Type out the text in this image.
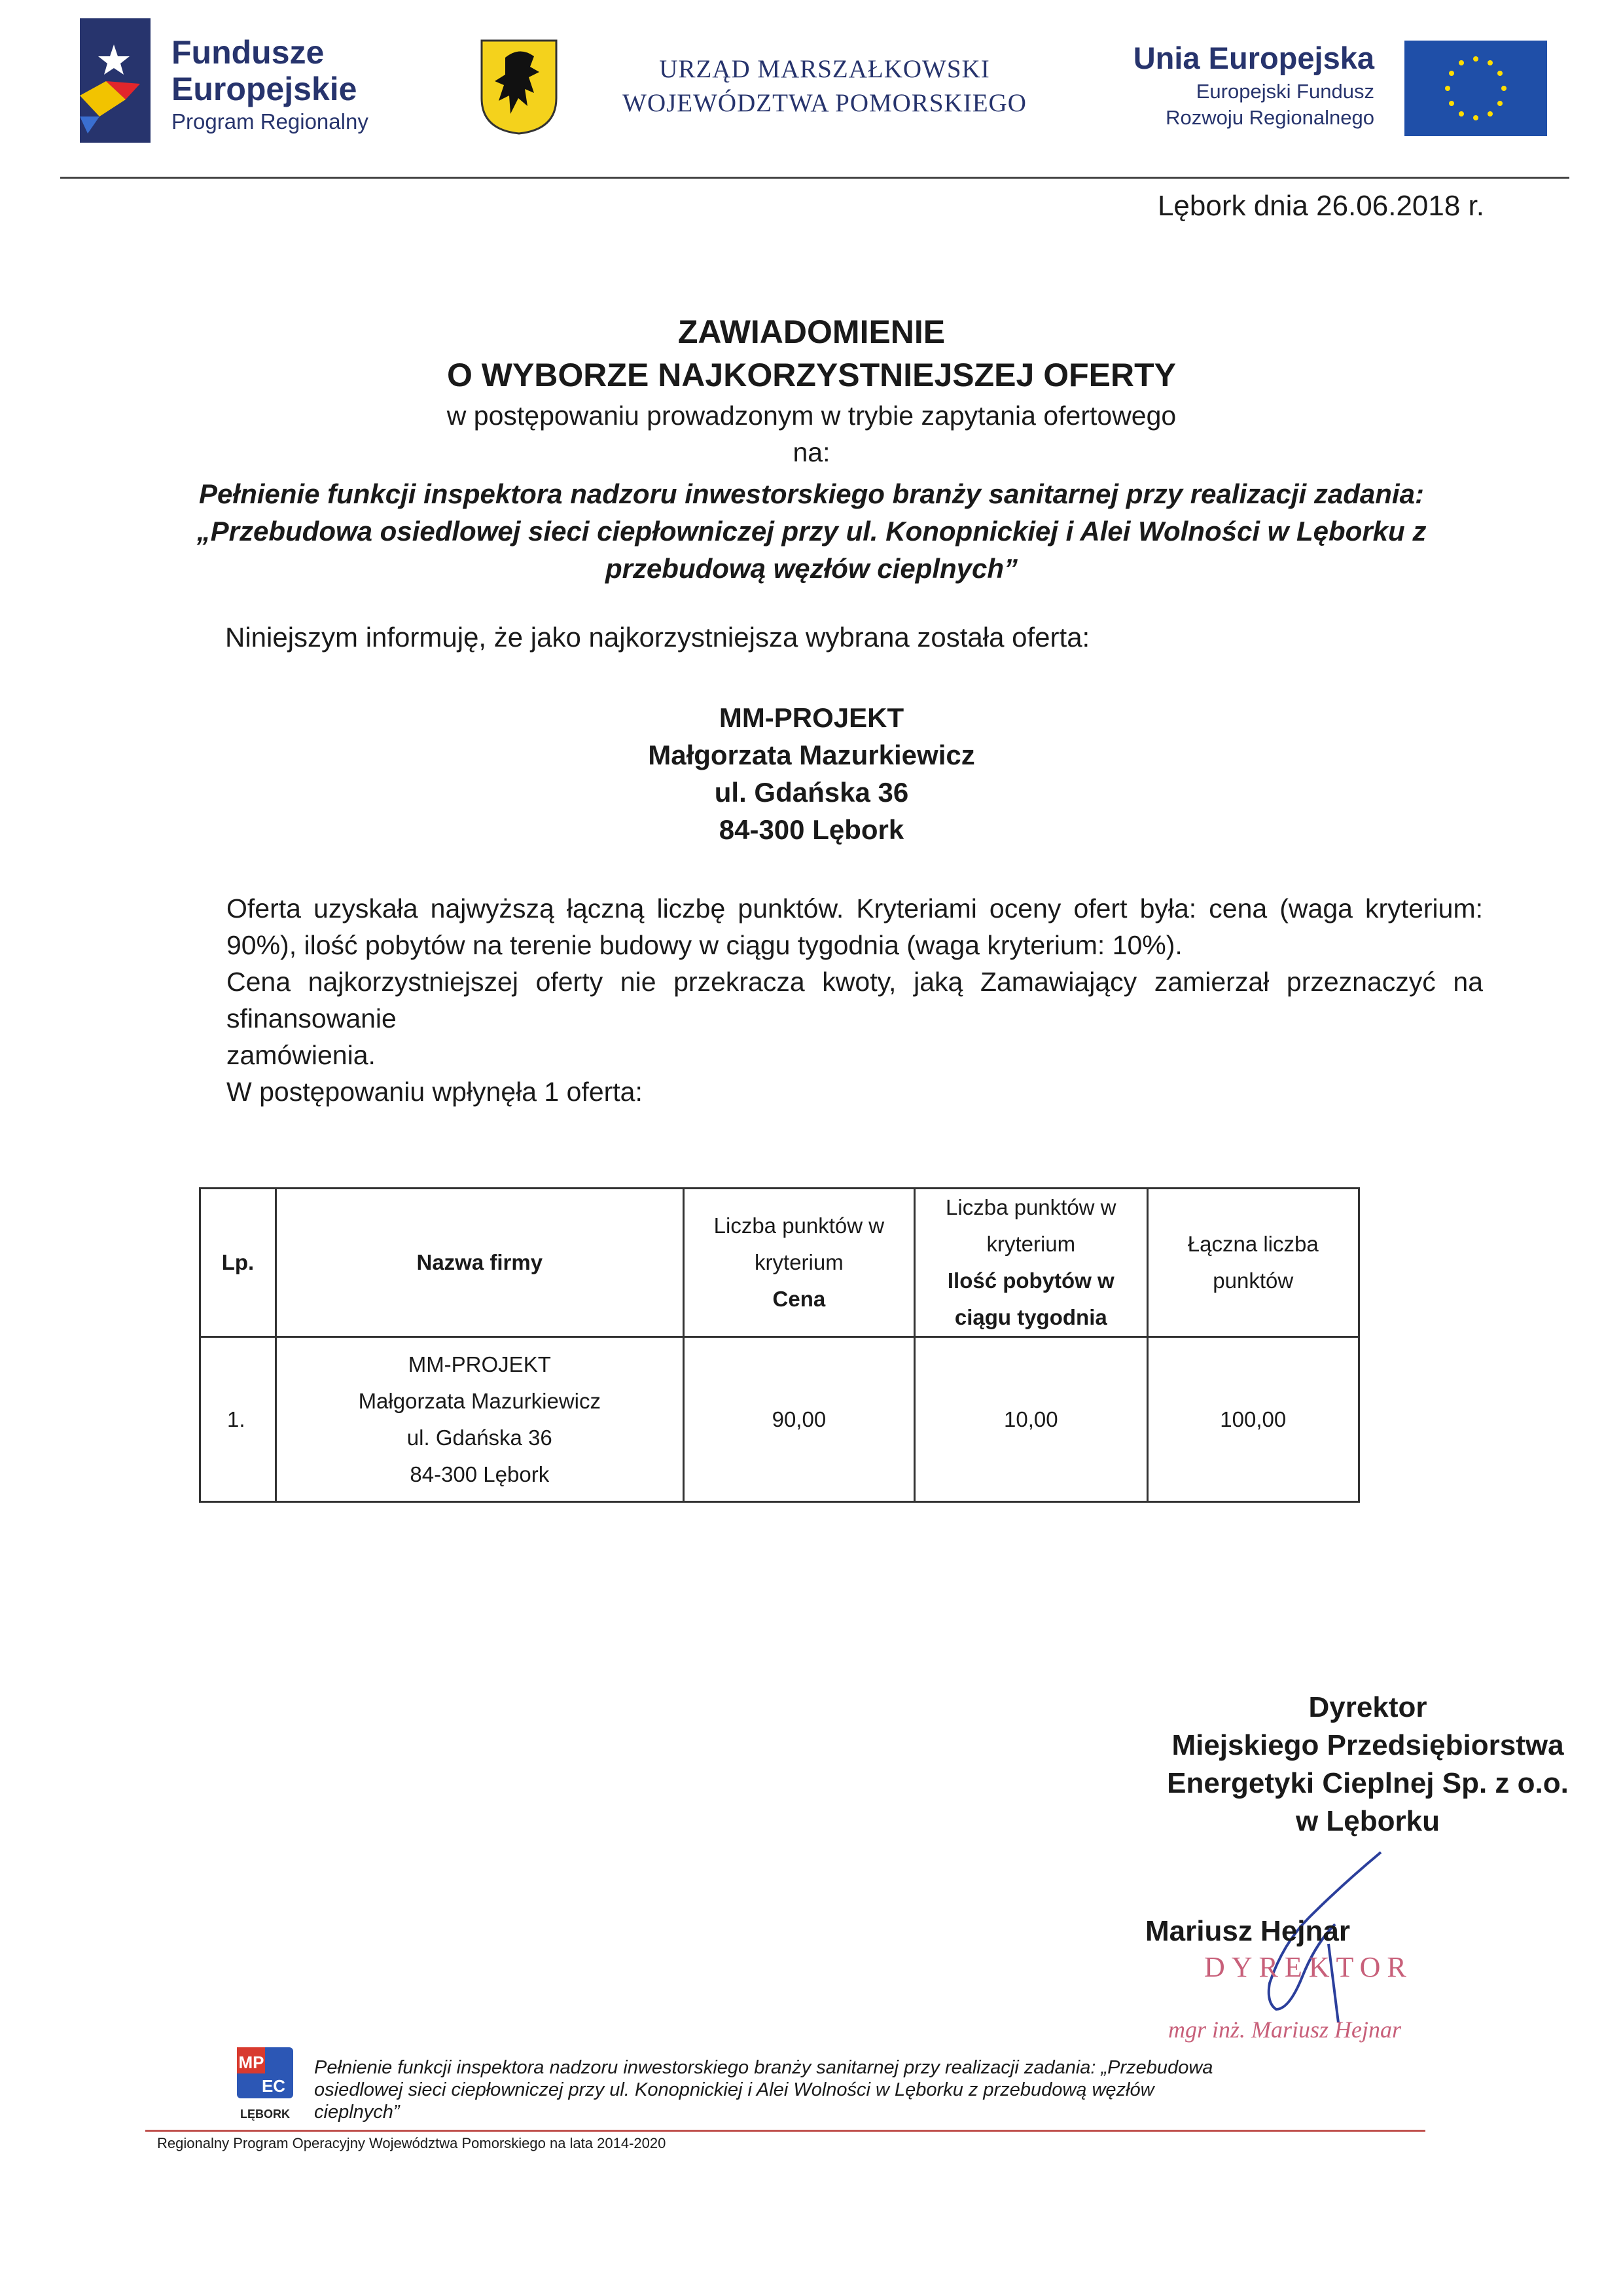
Fundusze
Europejskie
Program Regionalny
URZĄD MARSZAŁKOWSKI
WOJEWÓDZTWA POMORSKIEGO
Unia Europejska
Europejski Fundusz
Rozwoju Regionalnego
Lębork dnia 26.06.2018 r.
ZAWIADOMIENIE
O WYBORZE NAJKORZYSTNIEJSZEJ OFERTY
w postępowaniu prowadzonym w trybie zapytania ofertowego
na:
Pełnienie funkcji inspektora nadzoru inwestorskiego branży sanitarnej przy realizacji zadania:
„Przebudowa osiedlowej sieci ciepłowniczej przy ul. Konopnickiej i Alei Wolności w Lęborku z
przebudową węzłów cieplnych”
Niniejszym informuję, że jako najkorzystniejsza wybrana została oferta:
MM-PROJEKT
Małgorzata Mazurkiewicz
ul. Gdańska 36
84-300 Lębork
Oferta uzyskała najwyższą łączną liczbę punktów. Kryteriami oceny ofert była: cena (waga kryterium:
90%), ilość pobytów na terenie budowy w ciągu tygodnia (waga kryterium: 10%).
Cena najkorzystniejszej oferty nie przekracza kwoty, jaką Zamawiający zamierzał przeznaczyć na sfinansowanie
zamówienia.
W postępowaniu wpłynęła 1 oferta:
Lp.	Nazwa firmy	Liczba punktów w
kryterium
Cena	Liczba punktów w
kryterium
Ilość pobytów w
ciągu tygodnia	Łączna liczba
punktów

1.	MM-PROJEKT
Małgorzata Mazurkiewicz
ul. Gdańska 36
84-300 Lębork	90,00	10,00	100,00
Dyrektor
Miejskiego Przedsiębiorstwa
Energetyki Cieplnej Sp. z o.o.
w Lęborku
Mariusz Hejnar
DYREKTOR
mgr inż. Mariusz Hejnar
MP
EC
LĘBORK
Pełnienie funkcji inspektora nadzoru inwestorskiego branży sanitarnej przy realizacji zadania: „Przebudowa
osiedlowej sieci ciepłowniczej przy ul. Konopnickiej i Alei Wolności w Lęborku z przebudową węzłów
cieplnych”
Regionalny Program Operacyjny Województwa Pomorskiego na lata 2014-2020
